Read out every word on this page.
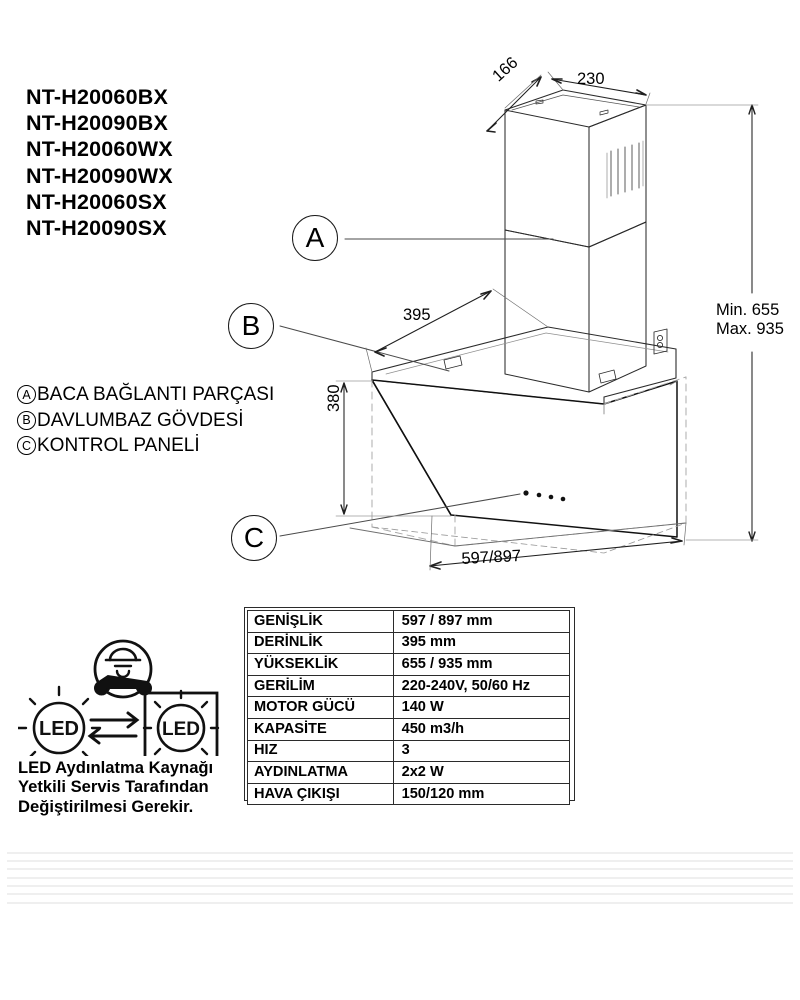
NT-H20060BX
NT-H20090BX
NT-H20060WX
NT-H20090WX
NT-H20060SX
NT-H20090SX
A BACA BAĞLANTI PARÇASI
B DAVLUMBAZ GÖVDESİ
C KONTROL PANELİ
A
B
C
166	230
395
380
597/897
Min. 655
Max. 935
GENİŞLİK	597 / 897 mm
DERİNLİK	395 mm
YÜKSEKLİK	655 / 935 mm
GERİLİM	220-240V, 50/60 Hz
MOTOR GÜCÜ	140 W
KAPASİTE	450 m3/h
HIZ	3
AYDINLATMA	2x2 W
HAVA ÇIKIŞI	150/120 mm
LED	LED
LED Aydınlatma Kaynağı
Yetkili Servis Tarafından
Değiştirilmesi Gerekir.
